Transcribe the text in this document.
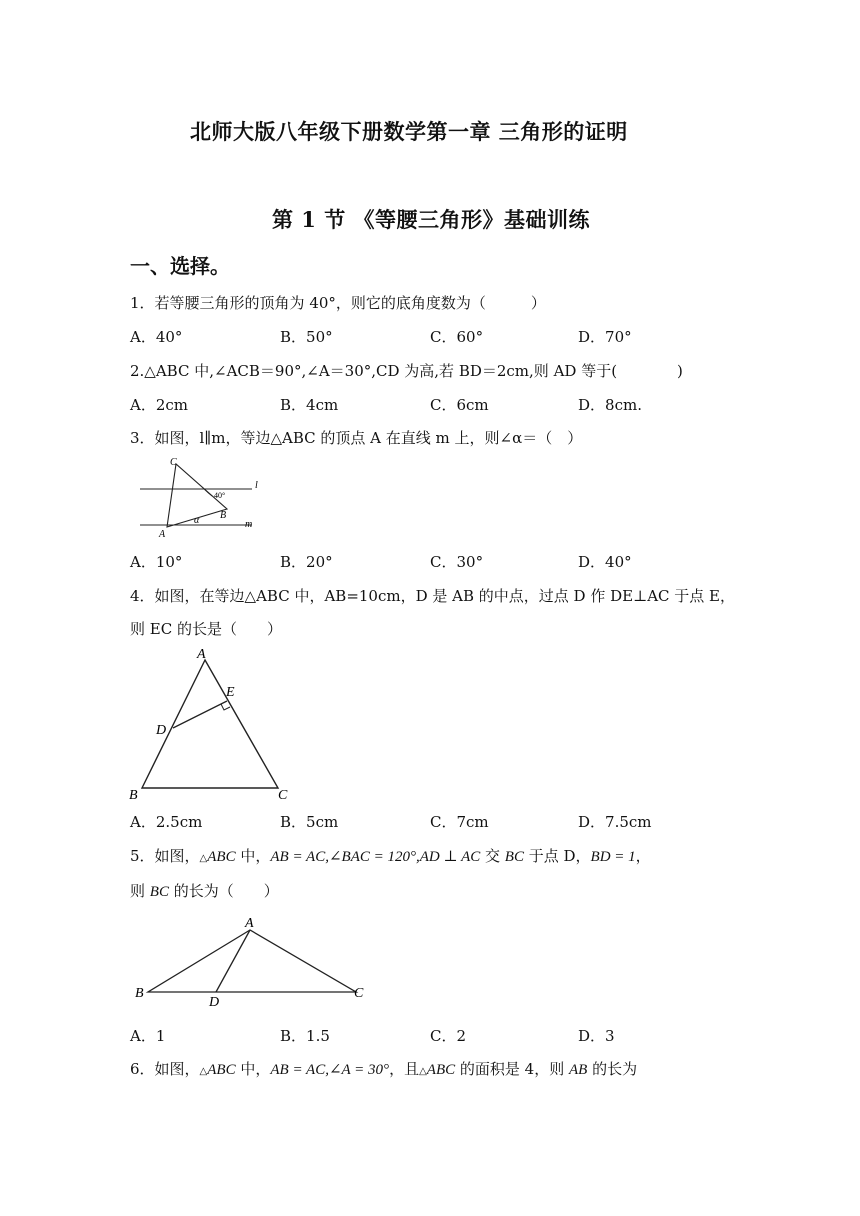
北师大版八年级下册数学第一章 三角形的证明
第 1 节 《等腰三角形》基础训练
一、选择。
1．若等腰三角形的顶角为 40°，则它的底角度数为（　　　）
A．40°	B．50°	C．60°	D．70°
2.△ABC 中,∠ACB＝90°,∠A＝30°,CD 为高,若 BD＝2cm,则 AD 等于(　　　　)
A．2cm	B．4cm	C．6cm	D．8cm.
3．如图，l∥m，等边△ABC 的顶点 A 在直线 m 上，则∠α＝（　）
C
l
40°
B
α	m
A
A．10°	B．20°	C．30°	D．40°
4．如图，在等边△ABC 中，AB=10cm，D 是 AB 的中点，过点 D 作 DE⊥AC 于点 E，
则 EC 的长是（　　）
A
E
D
B	C
A．2.5cm	B．5cm	C．7cm	D．7.5cm
5．如图，△ABC 中，AB = AC,∠BAC = 120°,AD ⊥ AC 交 BC 于点 D，BD = 1，
则 BC 的长为（　　）
A
B
D
C
A．1	B．1.5	C．2	D．3
6．如图，△ABC 中，AB = AC,∠A = 30°，且△ABC 的面积是 4，则 AB 的长为
